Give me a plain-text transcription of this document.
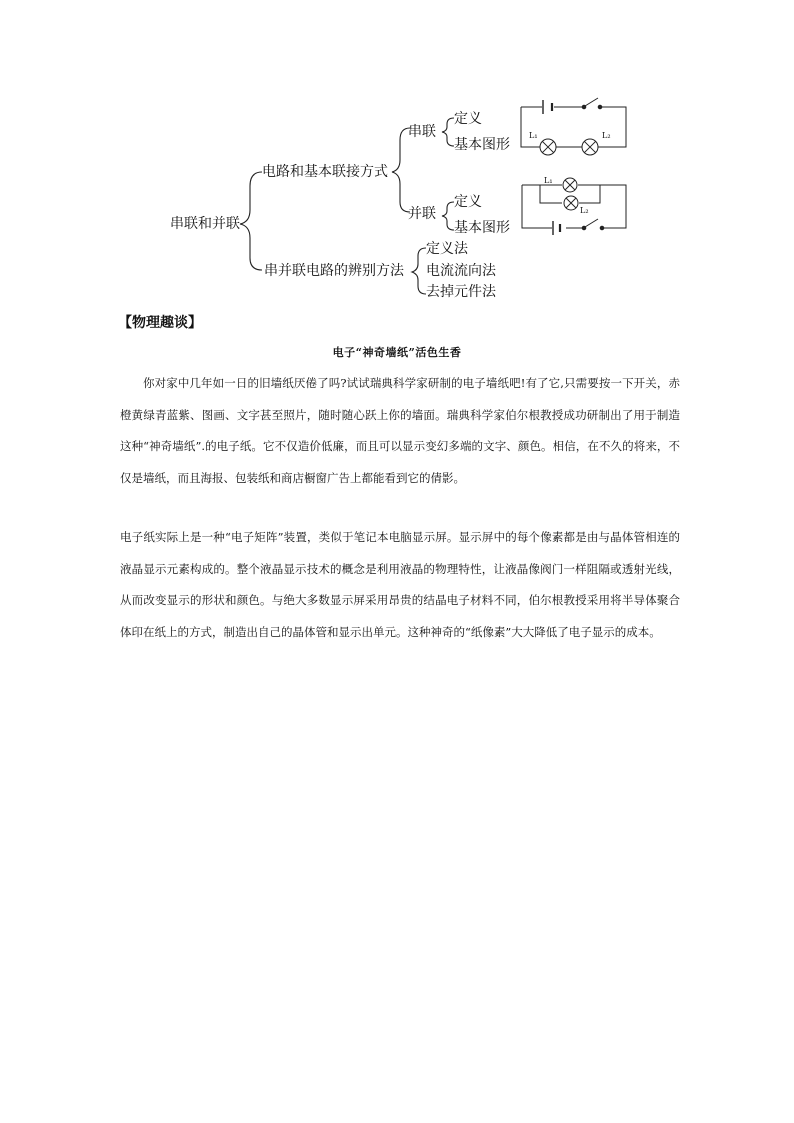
串联和并联
电路和基本联接方式
串联
定义
基本图形
并联
定义
基本图形
串并联电路的辨别方法
定义法
电流流向法
去掉元件法
L₁	L₂
L₁
L₂
【物理趣谈】
电子“神奇墙纸”活色生香

你对家中几年如一日的旧墙纸厌倦了吗?试试瑞典科学家研制的电子墙纸吧!有了它,只需要按一下开关，赤橙黄绿青蓝紫、图画、文字甚至照片，随时随心跃上你的墙面。瑞典科学家伯尔根教授成功研制出了用于制造这种“神奇墙纸”.的电子纸。它不仅造价低廉，而且可以显示变幻多端的文字、颜色。相信，在不久的将来，不仅是墙纸，而且海报、包装纸和商店橱窗广告上都能看到它的倩影。

电子纸实际上是一种“电子矩阵”装置，类似于笔记本电脑显示屏。显示屏中的每个像素都是由与晶体管相连的液晶显示元素构成的。整个液晶显示技术的概念是利用液晶的物理特性，让液晶像阀门一样阻隔或透射光线，从而改变显示的形状和颜色。与绝大多数显示屏采用昂贵的结晶电子材料不同，伯尔根教授采用将半导体聚合体印在纸上的方式，制造出自己的晶体管和显示出单元。这种神奇的“纸像素”大大降低了电子显示的成本。
